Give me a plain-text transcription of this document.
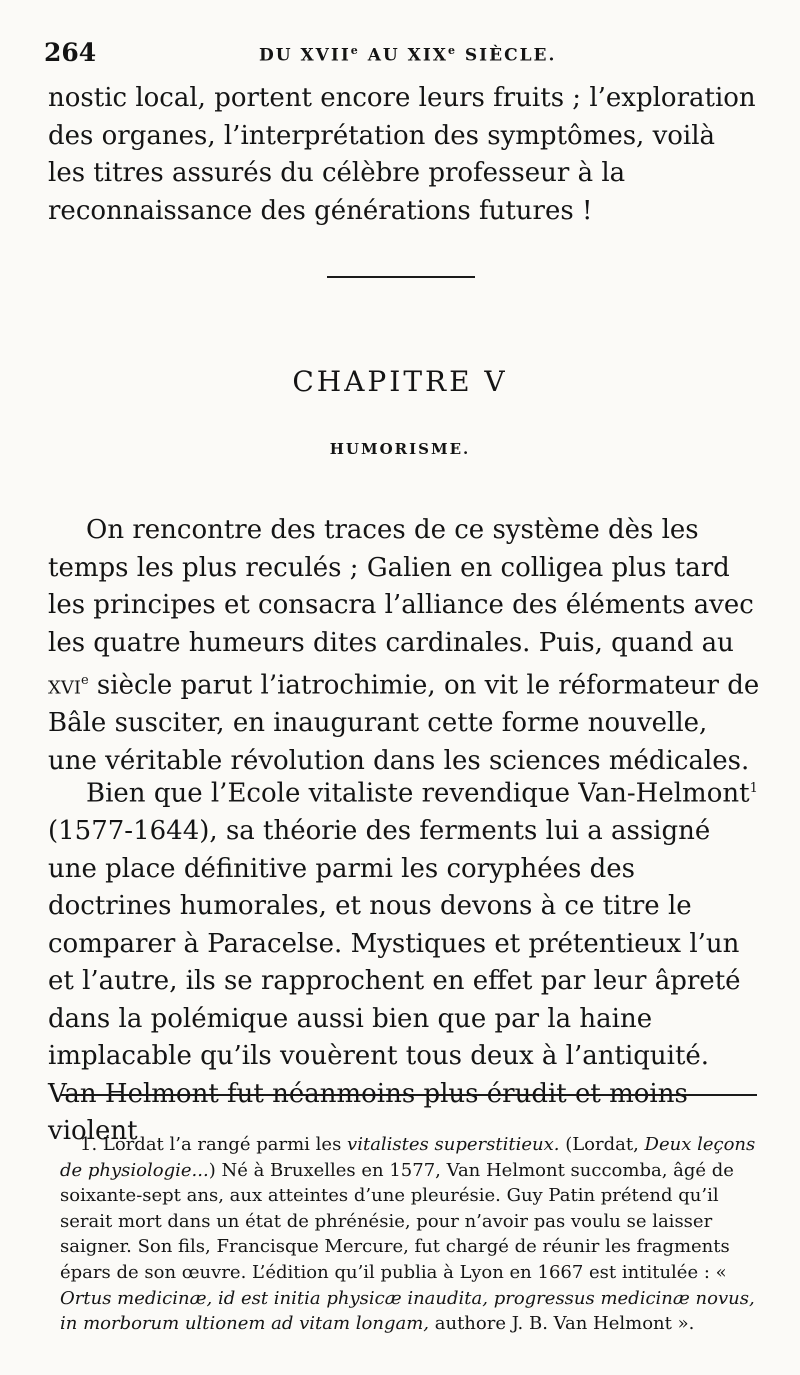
264	DU XVIIe AU XIXe SIÈCLE.

nostic local, portent encore leurs fruits ; l’exploration des organes, l’interprétation des symptômes, voilà les titres assurés du célèbre professeur à la reconnaissance des générations futures !

CHAPITRE V
HUMORISME.

On rencontre des traces de ce système dès les temps les plus reculés ; Galien en colligea plus tard les principes et consacra l’alliance des éléments avec les quatre humeurs dites cardinales. Puis, quand au xvi$^e$ siècle parut l’iatrochimie, on vit le réformateur de Bâle susciter, en inaugurant cette forme nouvelle, une véritable révolution dans les sciences médicales.

Bien que l’Ecole vitaliste revendique Van-Helmont$^1$ (1577-1644), sa théorie des ferments lui a assigné une place définitive parmi les coryphées des doctrines humorales, et nous devons à ce titre le comparer à Paracelse. Mystiques et prétentieux l’un et l’autre, ils se rapprochent en effet par leur âpreté dans la polémique aussi bien que par la haine implacable qu’ils vouèrent tous deux à l’antiquité. Van Helmont fut néanmoins plus érudit et moins violent

1. Lordat l’a rangé parmi les vitalistes superstitieux. (Lordat, Deux leçons de physiologie...) Né à Bruxelles en 1577, Van Helmont succomba, âgé de soixante-sept ans, aux atteintes d’une pleurésie. Guy Patin prétend qu’il serait mort dans un état de phrénésie, pour n’avoir pas voulu se laisser saigner. Son fils, Francisque Mercure, fut chargé de réunir les fragments épars de son œuvre. L’édition qu’il publia à Lyon en 1667 est intitulée : « Ortus medicinæ, id est initia physicæ inaudita, progressus medicinæ novus, in morborum ultionem ad vitam longam, authore J. B. Van Helmont ».
